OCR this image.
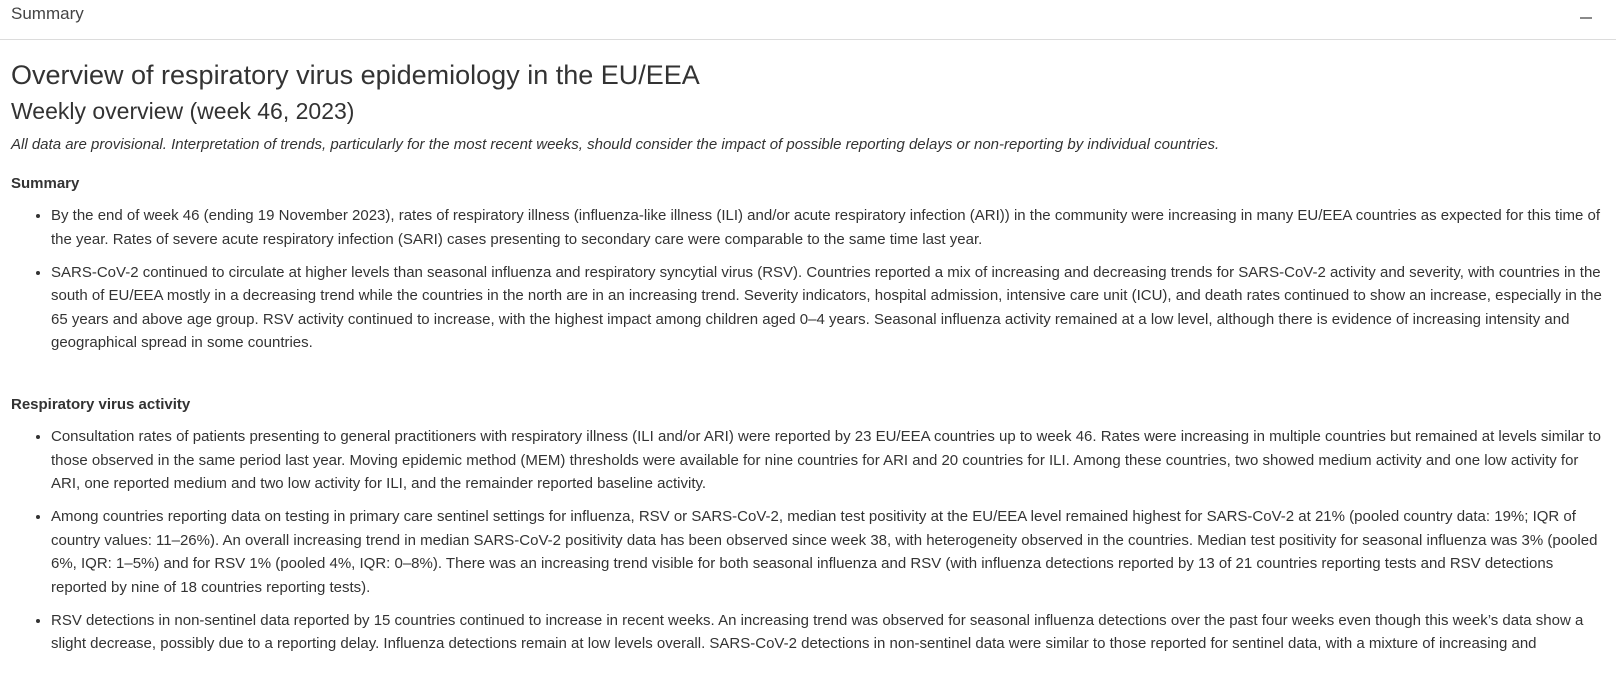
Summary
Overview of respiratory virus epidemiology in the EU/EEA
Weekly overview (week 46, 2023)

All data are provisional. Interpretation of trends, particularly for the most recent weeks, should consider the impact of possible reporting delays or non-reporting by individual countries.

Summary
• By the end of week 46 (ending 19 November 2023), rates of respiratory illness (influenza-like illness (ILI) and/or acute respiratory infection (ARI)) in the community were increasing in many EU/EEA countries as expected for this time of the year. Rates of severe acute respiratory infection (SARI) cases presenting to secondary care were comparable to the same time last year.
• SARS-CoV-2 continued to circulate at higher levels than seasonal influenza and respiratory syncytial virus (RSV). Countries reported a mix of increasing and decreasing trends for SARS-CoV-2 activity and severity, with countries in the south of EU/EEA mostly in a decreasing trend while the countries in the north are in an increasing trend. Severity indicators, hospital admission, intensive care unit (ICU), and death rates continued to show an increase, especially in the 65 years and above age group. RSV activity continued to increase, with the highest impact among children aged 0–4 years. Seasonal influenza activity remained at a low level, although there is evidence of increasing intensity and geographical spread in some countries.
Respiratory virus activity
• Consultation rates of patients presenting to general practitioners with respiratory illness (ILI and/or ARI) were reported by 23 EU/EEA countries up to week 46. Rates were increasing in multiple countries but remained at levels similar to those observed in the same period last year. Moving epidemic method (MEM) thresholds were available for nine countries for ARI and 20 countries for ILI. Among these countries, two showed medium activity and one low activity for ARI, one reported medium and two low activity for ILI, and the remainder reported baseline activity.
• Among countries reporting data on testing in primary care sentinel settings for influenza, RSV or SARS-CoV-2, median test positivity at the EU/EEA level remained highest for SARS-CoV-2 at 21% (pooled country data: 19%; IQR of country values: 11–26%). An overall increasing trend in median SARS-CoV-2 positivity data has been observed since week 38, with heterogeneity observed in the countries. Median test positivity for seasonal influenza was 3% (pooled 6%, IQR: 1–5%) and for RSV 1% (pooled 4%, IQR: 0–8%). There was an increasing trend visible for both seasonal influenza and RSV (with influenza detections reported by 13 of 21 countries reporting tests and RSV detections reported by nine of 18 countries reporting tests).
• RSV detections in non-sentinel data reported by 15 countries continued to increase in recent weeks. An increasing trend was observed for seasonal influenza detections over the past four weeks even though this week’s data show a slight decrease, possibly due to a reporting delay. Influenza detections remain at low levels overall. SARS-CoV-2 detections in non-sentinel data were similar to those reported for sentinel data, with a mixture of increasing and
